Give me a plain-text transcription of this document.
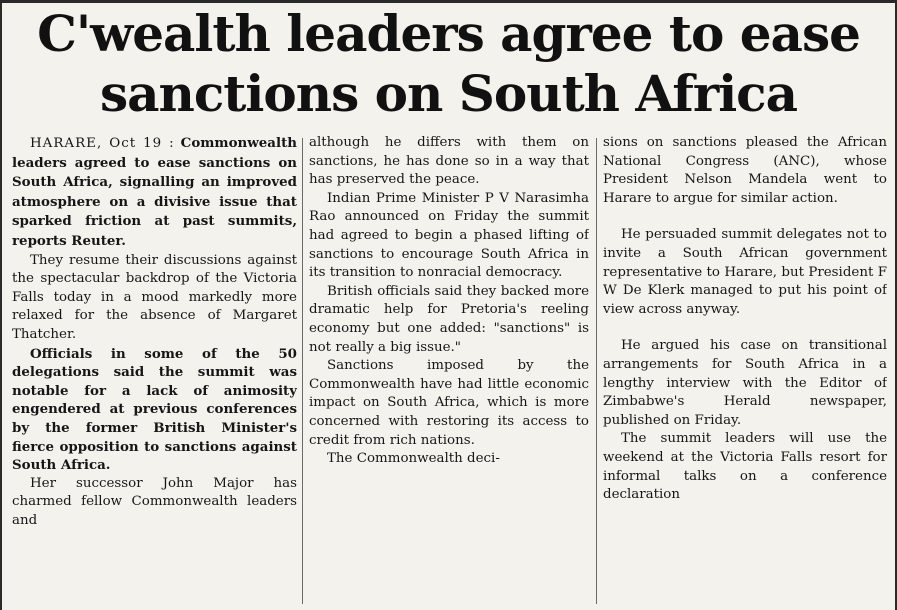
C'wealth leaders agree to ease
sanctions on South Africa

HARARE, Oct 19 : Commonwealth leaders agreed to ease sanctions on South Africa, signalling an improved atmosphere on a divisive issue that sparked friction at past summits, reports Reuter.

They resume their discussions against the spectacular backdrop of the Victoria Falls today in a mood markedly more relaxed for the absence of Margaret Thatcher.

Officials in some of the 50 delegations said the summit was notable for a lack of animosity engendered at previous conferences by the former British Minister's fierce opposition to sanctions against South Africa.

Her successor John Major has charmed fellow Commonwealth leaders and

although he differs with them on sanctions, he has done so in a way that has preserved the peace.

Indian Prime Minister P V Narasimha Rao announced on Friday the summit had agreed to begin a phased lifting of sanctions to encourage South Africa in its transition to nonracial democracy.

British officials said they backed more dramatic help for Pretoria's reeling economy but one added: "sanctions" is not really a big issue."

Sanctions imposed by the Commonwealth have had little economic impact on South Africa, which is more concerned with restoring its access to credit from rich nations.

The Commonwealth deci-

sions on sanctions pleased the African National Congress (ANC), whose President Nelson Mandela went to Harare to argue for similar action.

He persuaded summit delegates not to invite a South African government representative to Harare, but President F W De Klerk managed to put his point of view across anyway.

He argued his case on transitional arrangements for South Africa in a lengthy interview with the Editor of Zimbabwe's Herald newspaper, published on Friday.

The summit leaders will use the weekend at the Victoria Falls resort for informal talks on a conference declaration
